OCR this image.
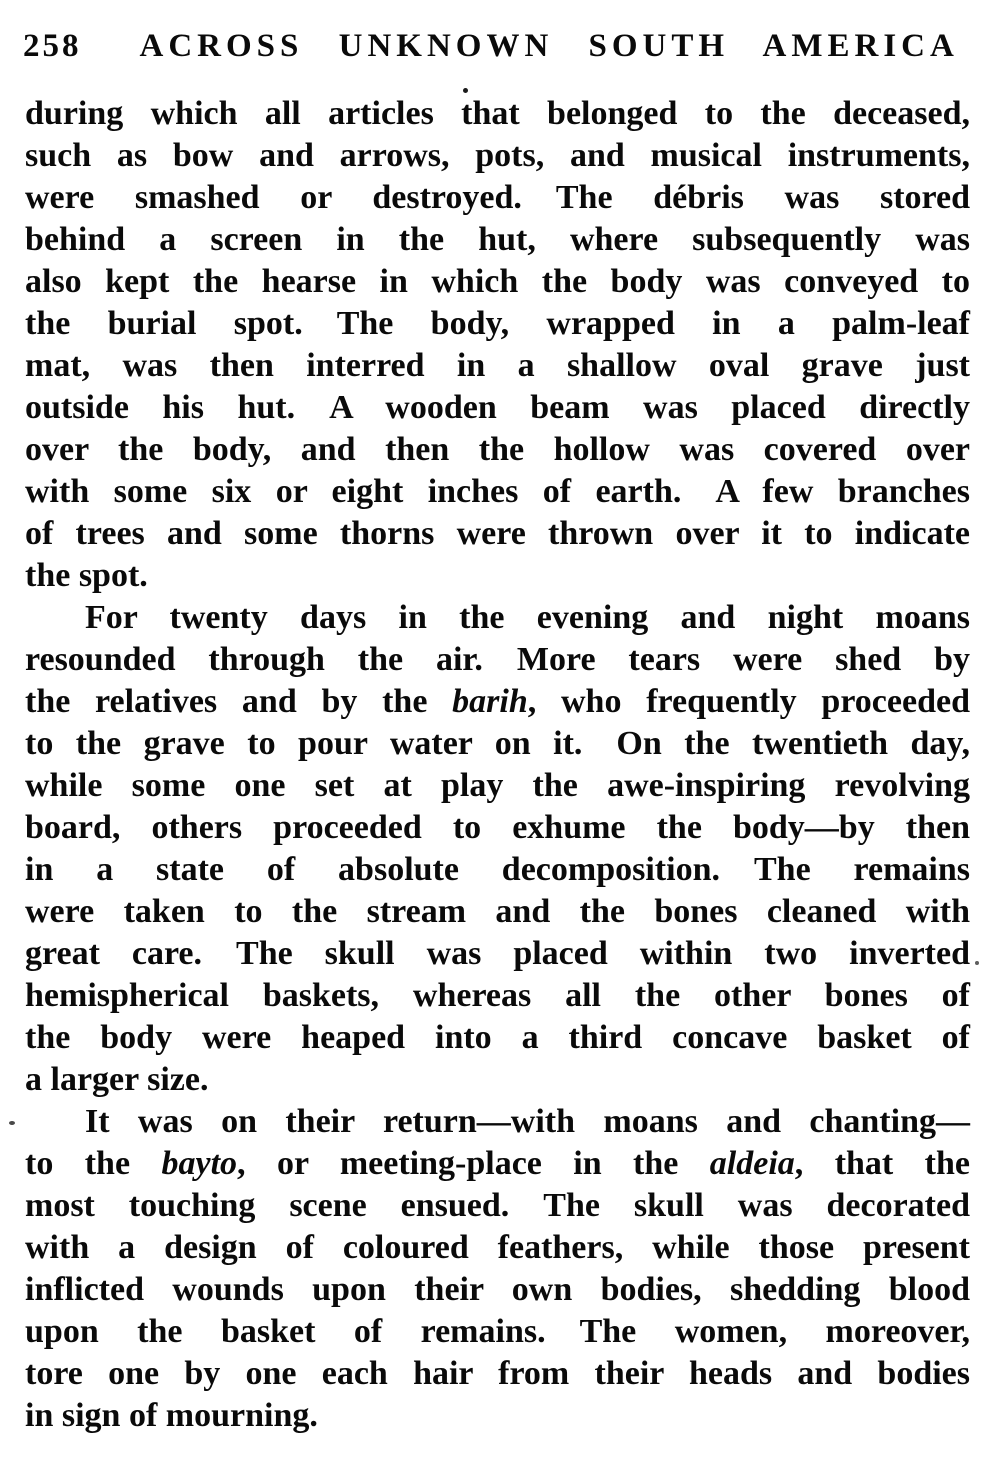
258 ACROSS UNKNOWN SOUTH AMERICA
during which all articles that belonged to the deceased,
such as bow and arrows, pots, and musical instruments,
were smashed or destroyed. The débris was stored
behind a screen in the hut, where subsequently was
also kept the hearse in which the body was conveyed to
the burial spot. The body, wrapped in a palm-leaf
mat, was then interred in a shallow oval grave just
outside his hut. A wooden beam was placed directly
over the body, and then the hollow was covered over
with some six or eight inches of earth. A few branches
of trees and some thorns were thrown over it to indicate
the spot.
For twenty days in the evening and night moans
resounded through the air. More tears were shed by
the relatives and by the barih, who frequently proceeded
to the grave to pour water on it. On the twentieth day,
while some one set at play the awe-inspiring revolving
board, others proceeded to exhume the body—by then
in a state of absolute decomposition. The remains
were taken to the stream and the bones cleaned with
great care. The skull was placed within two inverted
hemispherical baskets, whereas all the other bones of
the body were heaped into a third concave basket of
a larger size.
It was on their return—with moans and chanting—
to the bayto, or meeting-place in the aldeia, that the
most touching scene ensued. The skull was decorated
with a design of coloured feathers, while those present
inflicted wounds upon their own bodies, shedding blood
upon the basket of remains. The women, moreover,
tore one by one each hair from their heads and bodies
in sign of mourning.
